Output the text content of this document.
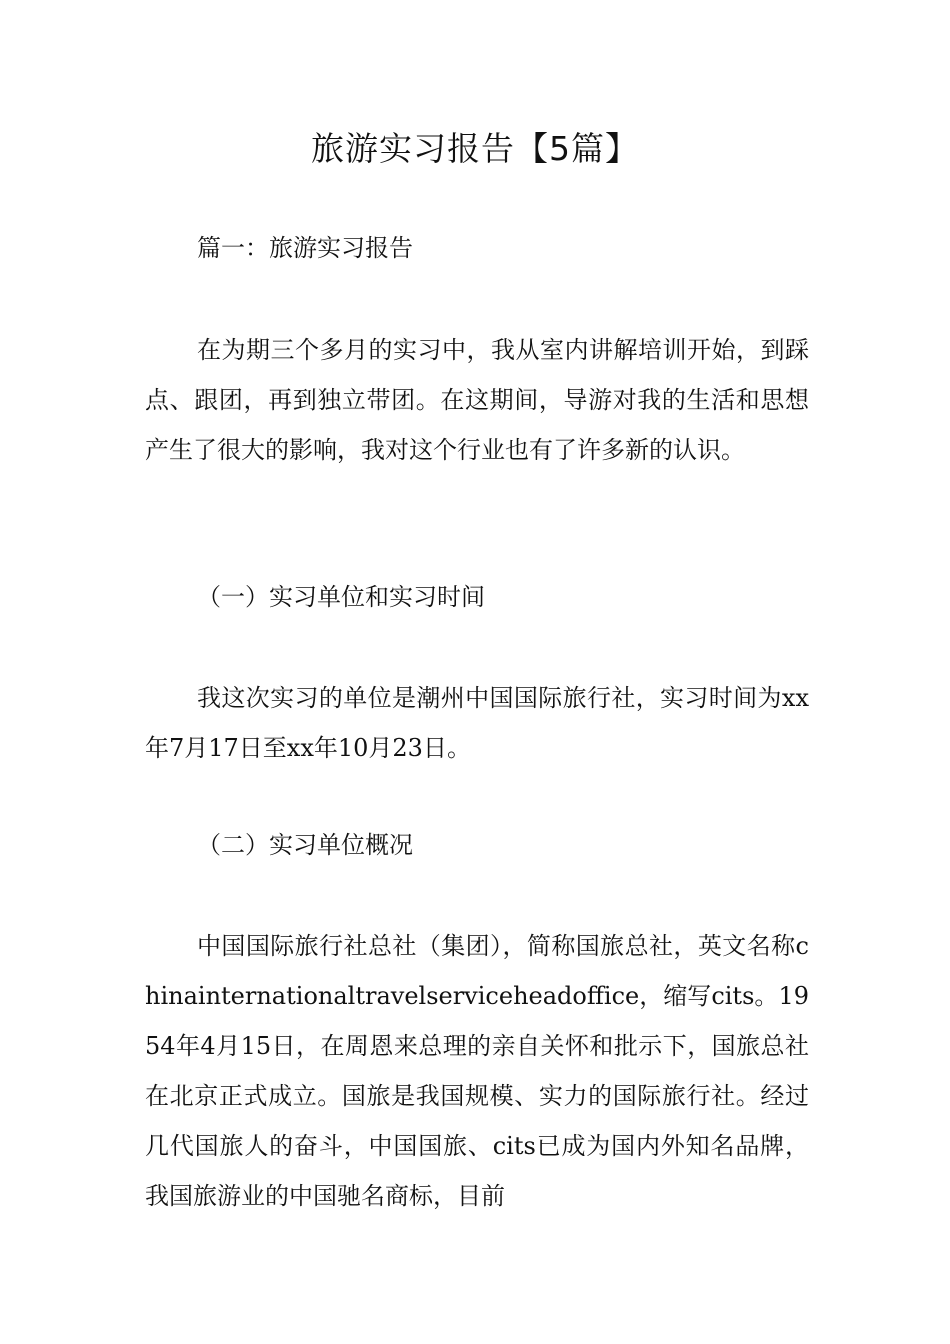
旅游实习报告【5篇】

篇一：旅游实习报告

在为期三个多月的实习中，我从室内讲解培训开始，到踩点、跟团，再到独立带团。在这期间，导游对我的生活和思想产生了很大的影响，我对这个行业也有了许多新的认识。

（一）实习单位和实习时间

我这次实习的单位是潮州中国国际旅行社，实习时间为xx年7月17日至xx年10月23日。

（二）实习单位概况

中国国际旅行社总社（集团），简称国旅总社，英文名称chinainternationaltravelserviceheadoffice，缩写cits。1954年4月15日，在周恩来总理的亲自关怀和批示下，国旅总社在北京正式成立。国旅是我国规模、实力的国际旅行社。经过几代国旅人的奋斗，中国国旅、cits已成为国内外知名品牌，我国旅游业的中国驰名商标，目前
